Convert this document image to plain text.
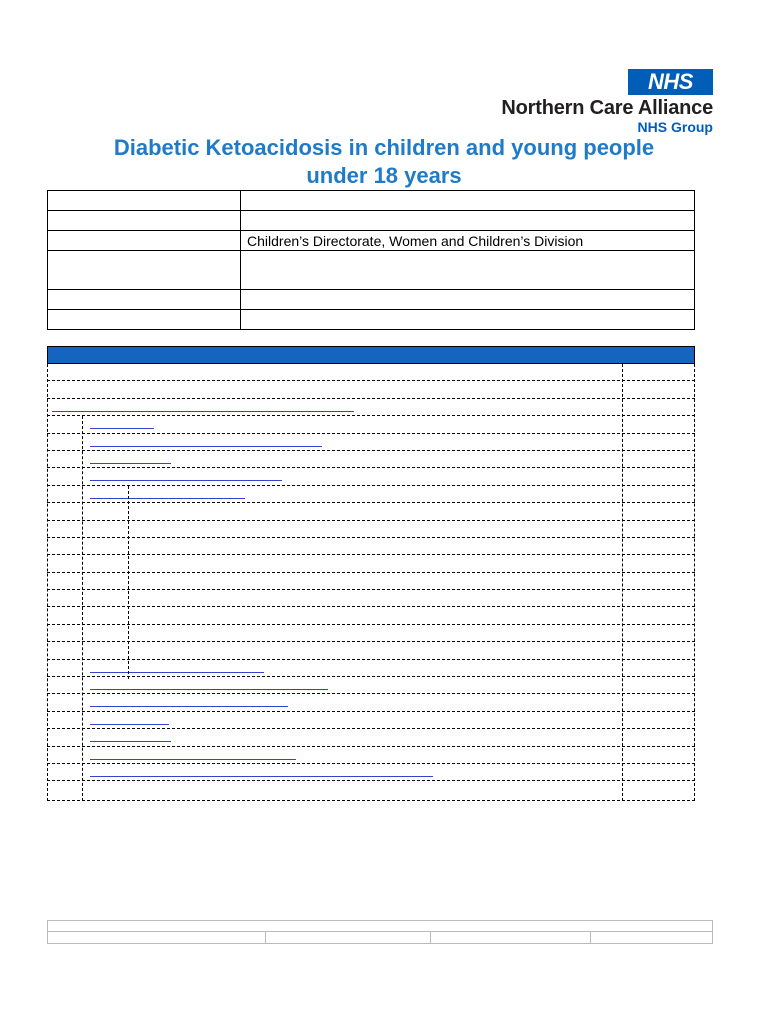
NHS
Northern Care Alliance
NHS Group
Diabetic Ketoacidosis in children and young people
under 18 years

	Children’s Directorate, Women and Children’s Division
